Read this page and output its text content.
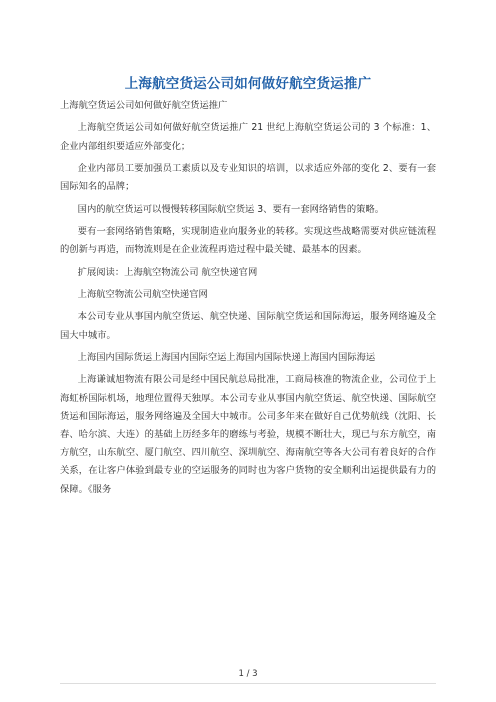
上海航空货运公司如何做好航空货运推广

上海航空货运公司如何做好航空货运推广

上海航空货运公司如何做好航空货运推广 21 世纪上海航空货运公司的 3 个标准：1、企业内部组织要适应外部变化；

企业内部员工要加强员工素质以及专业知识的培训，以求适应外部的变化 2、要有一套国际知名的品牌；

国内的航空货运可以慢慢转移国际航空货运 3、要有一套网络销售的策略。

要有一套网络销售策略，实现制造业向服务业的转移。实现这些战略需要对供应链流程的创新与再造，而物流则是在企业流程再造过程中最关键、最基本的因素。

扩展阅读：上海航空物流公司 航空快递官网

上海航空物流公司航空快递官网

本公司专业从事国内航空货运、航空快递、国际航空货运和国际海运，服务网络遍及全国大中城市。

上海国内国际货运上海国内国际空运上海国内国际快递上海国内国际海运

上海谦诚旭物流有限公司是经中国民航总局批准，工商局核准的物流企业，公司位于上海虹桥国际机场，地理位置得天独厚。本公司专业从事国内航空货运、航空快递、国际航空货运和国际海运，服务网络遍及全国大中城市。公司多年来在做好自己优势航线（沈阳、长春、哈尔滨、大连）的基础上历经多年的磨练与考验，规模不断壮大，现已与东方航空，南方航空，山东航空、厦门航空、四川航空、深圳航空、海南航空等各大公司有着良好的合作关系，在让客户体验到最专业的空运服务的同时也为客户货物的安全顺利出运提供最有力的保障。《服务

1 / 3
